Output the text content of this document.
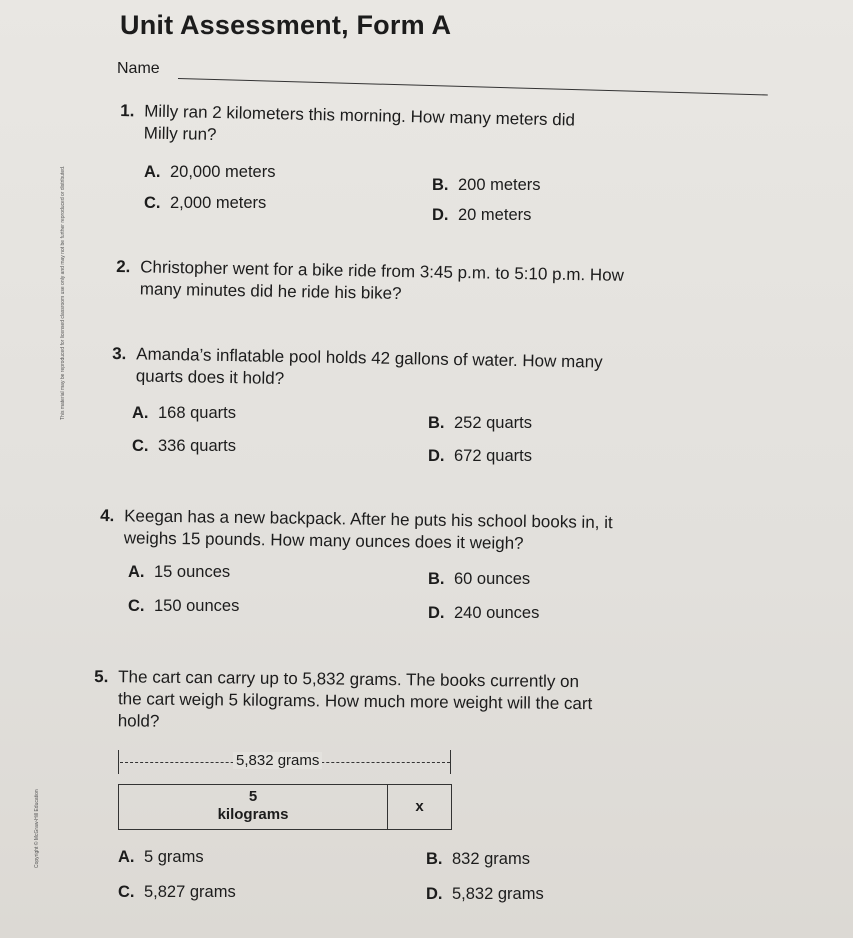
This material may be reproduced for licensed classroom use only and may not be further reproduced or distributed.
Copyright © McGraw-Hill Education
Unit Assessment, Form A
Name
1. Milly ran 2 kilometers this morning. How many meters did
Milly run?
A. 20,000 meters
B. 200 meters
C. 2,000 meters
D. 20 meters
2. Christopher went for a bike ride from 3:45 p.m. to 5:10 p.m. How
many minutes did he ride his bike?
3. Amanda’s inflatable pool holds 42 gallons of water. How many
quarts does it hold?
A. 168 quarts
B. 252 quarts
C. 336 quarts
D. 672 quarts
4. Keegan has a new backpack. After he puts his school books in, it
weighs 15 pounds. How many ounces does it weigh?
A. 15 ounces	B. 60 ounces
C. 150 ounces	D. 240 ounces
5. The cart can carry up to 5,832 grams. The books currently on
the cart weigh 5 kilograms. How much more weight will the cart
hold?
5,832 grams
5
kilograms	x
A. 5 grams	B. 832 grams
C. 5,827 grams	D. 5,832 grams
